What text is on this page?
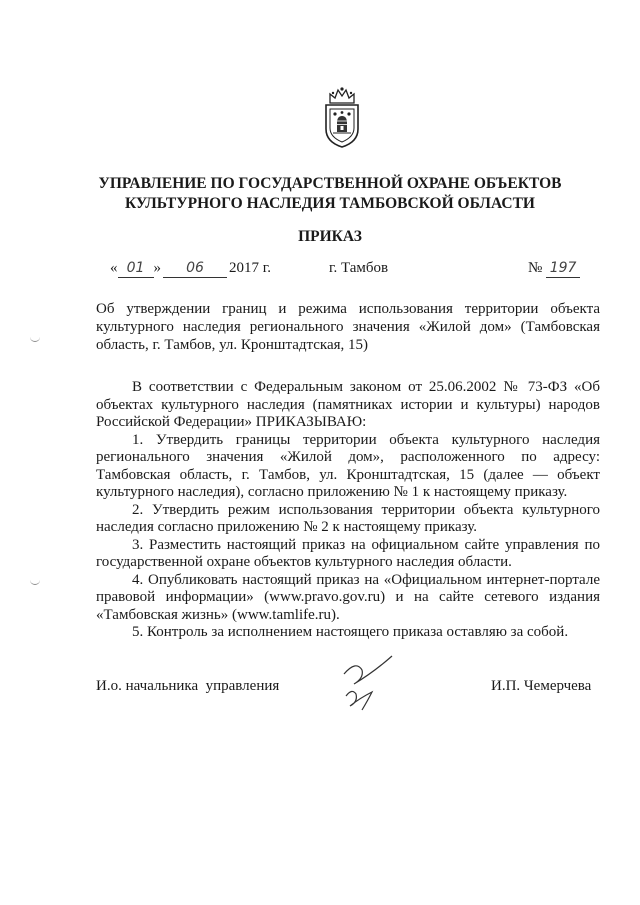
УПРАВЛЕНИЕ ПО ГОСУДАРСТВЕННОЙ ОХРАНЕ ОБЪЕКТОВ
КУЛЬТУРНОГО НАСЛЕДИЯ ТАМБОВСКОЙ ОБЛАСТИ
ПРИКАЗ
« 01 » 06 2017 г.	г. Тамбов	№ 197
Об утверждении границ и режима использования территории объекта культурного наследия регионального значения «Жилой дом» (Тамбовская область, г. Тамбов, ул. Кронштадтская, 15)

В соответствии с Федеральным законом от 25.06.2002 № 73-ФЗ «Об объектах культурного наследия (памятниках истории и культуры) народов Российской Федерации» ПРИКАЗЫВАЮ:

1. Утвердить границы территории объекта культурного наследия регионального значения «Жилой дом», расположенного по адресу: Тамбовская область, г. Тамбов, ул. Кронштадтская, 15 (далее — объект культурного наследия), согласно приложению № 1 к настоящему приказу.

2. Утвердить режим использования территории объекта культурного наследия согласно приложению № 2 к настоящему приказу.

3. Разместить настоящий приказ на официальном сайте управления по государственной охране объектов культурного наследия области.

4. Опубликовать настоящий приказ на «Официальном интернет-портале правовой информации» (www.pravo.gov.ru) и на сайте сетевого издания «Тамбовская жизнь» (www.tamlife.ru).

5. Контроль за исполнением настоящего приказа оставляю за собой.

И.о. начальника  управления	И.П. Чемерчева
